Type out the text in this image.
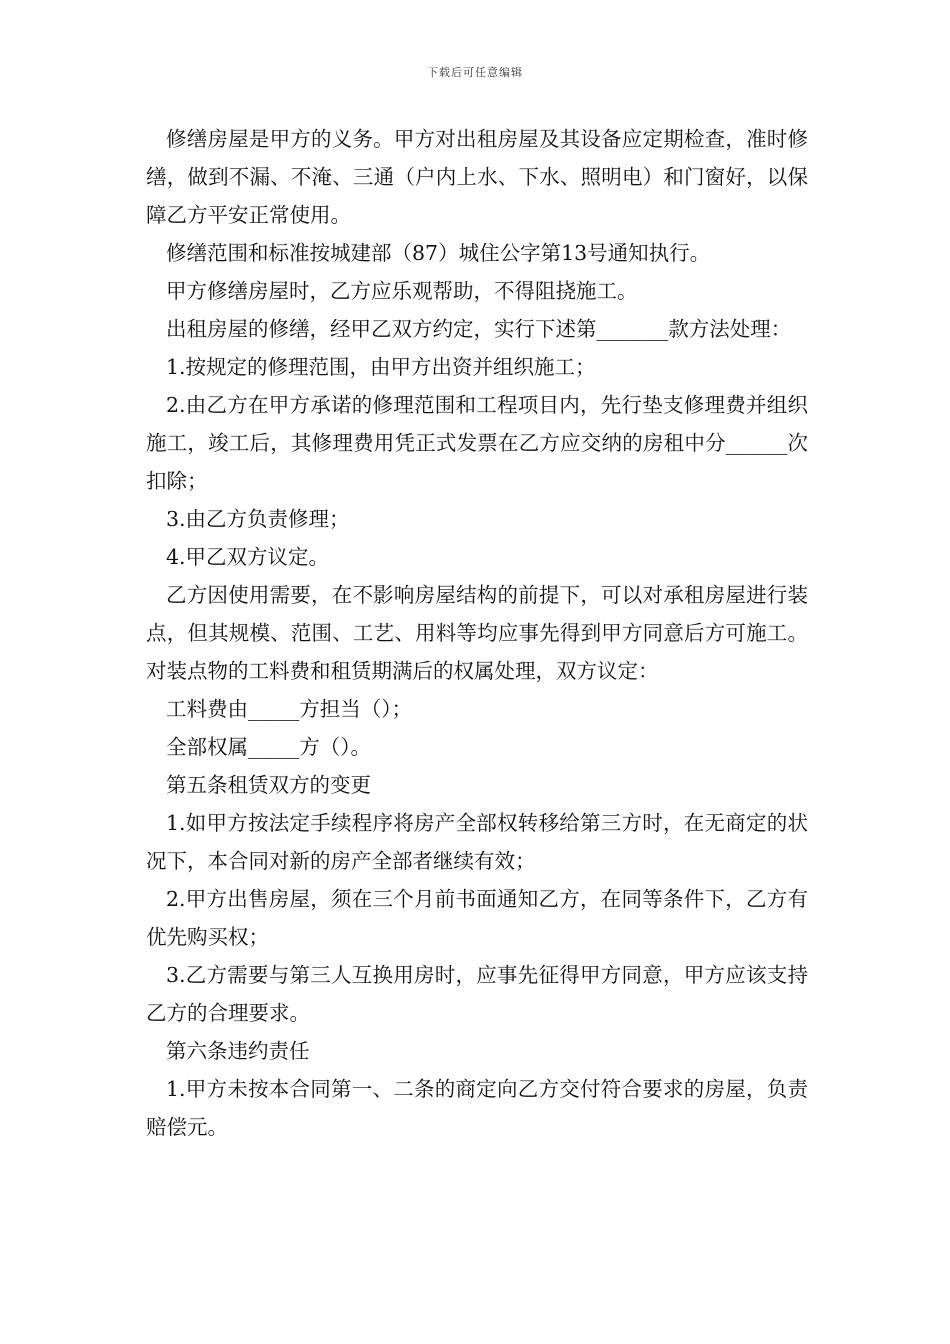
下载后可任意编辑

修缮房屋是甲方的义务。甲方对出租房屋及其设备应定期检查，准时修缮，做到不漏、不淹、三通（户内上水、下水、照明电）和门窗好，以保障乙方平安正常使用。

修缮范围和标准按城建部（87）城住公字第13号通知执行。

甲方修缮房屋时，乙方应乐观帮助，不得阻挠施工。

出租房屋的修缮，经甲乙双方约定，实行下述第_______款方法处理：

1.按规定的修理范围，由甲方出资并组织施工；

2.由乙方在甲方承诺的修理范围和工程项目内，先行垫支修理费并组织施工，竣工后，其修理费用凭正式发票在乙方应交纳的房租中分______次扣除；

3.由乙方负责修理；

4.甲乙双方议定。

乙方因使用需要，在不影响房屋结构的前提下，可以对承租房屋进行装点，但其规模、范围、工艺、用料等均应事先得到甲方同意后方可施工。对装点物的工料费和租赁期满后的权属处理，双方议定：

工料费由_____方担当（）；

全部权属_____方（）。

第五条租赁双方的变更

1.如甲方按法定手续程序将房产全部权转移给第三方时，在无商定的状况下，本合同对新的房产全部者继续有效；

2.甲方出售房屋，须在三个月前书面通知乙方，在同等条件下，乙方有优先购买权；

3.乙方需要与第三人互换用房时，应事先征得甲方同意，甲方应该支持乙方的合理要求。

第六条违约责任

1.甲方未按本合同第一、二条的商定向乙方交付符合要求的房屋，负责赔偿元。
